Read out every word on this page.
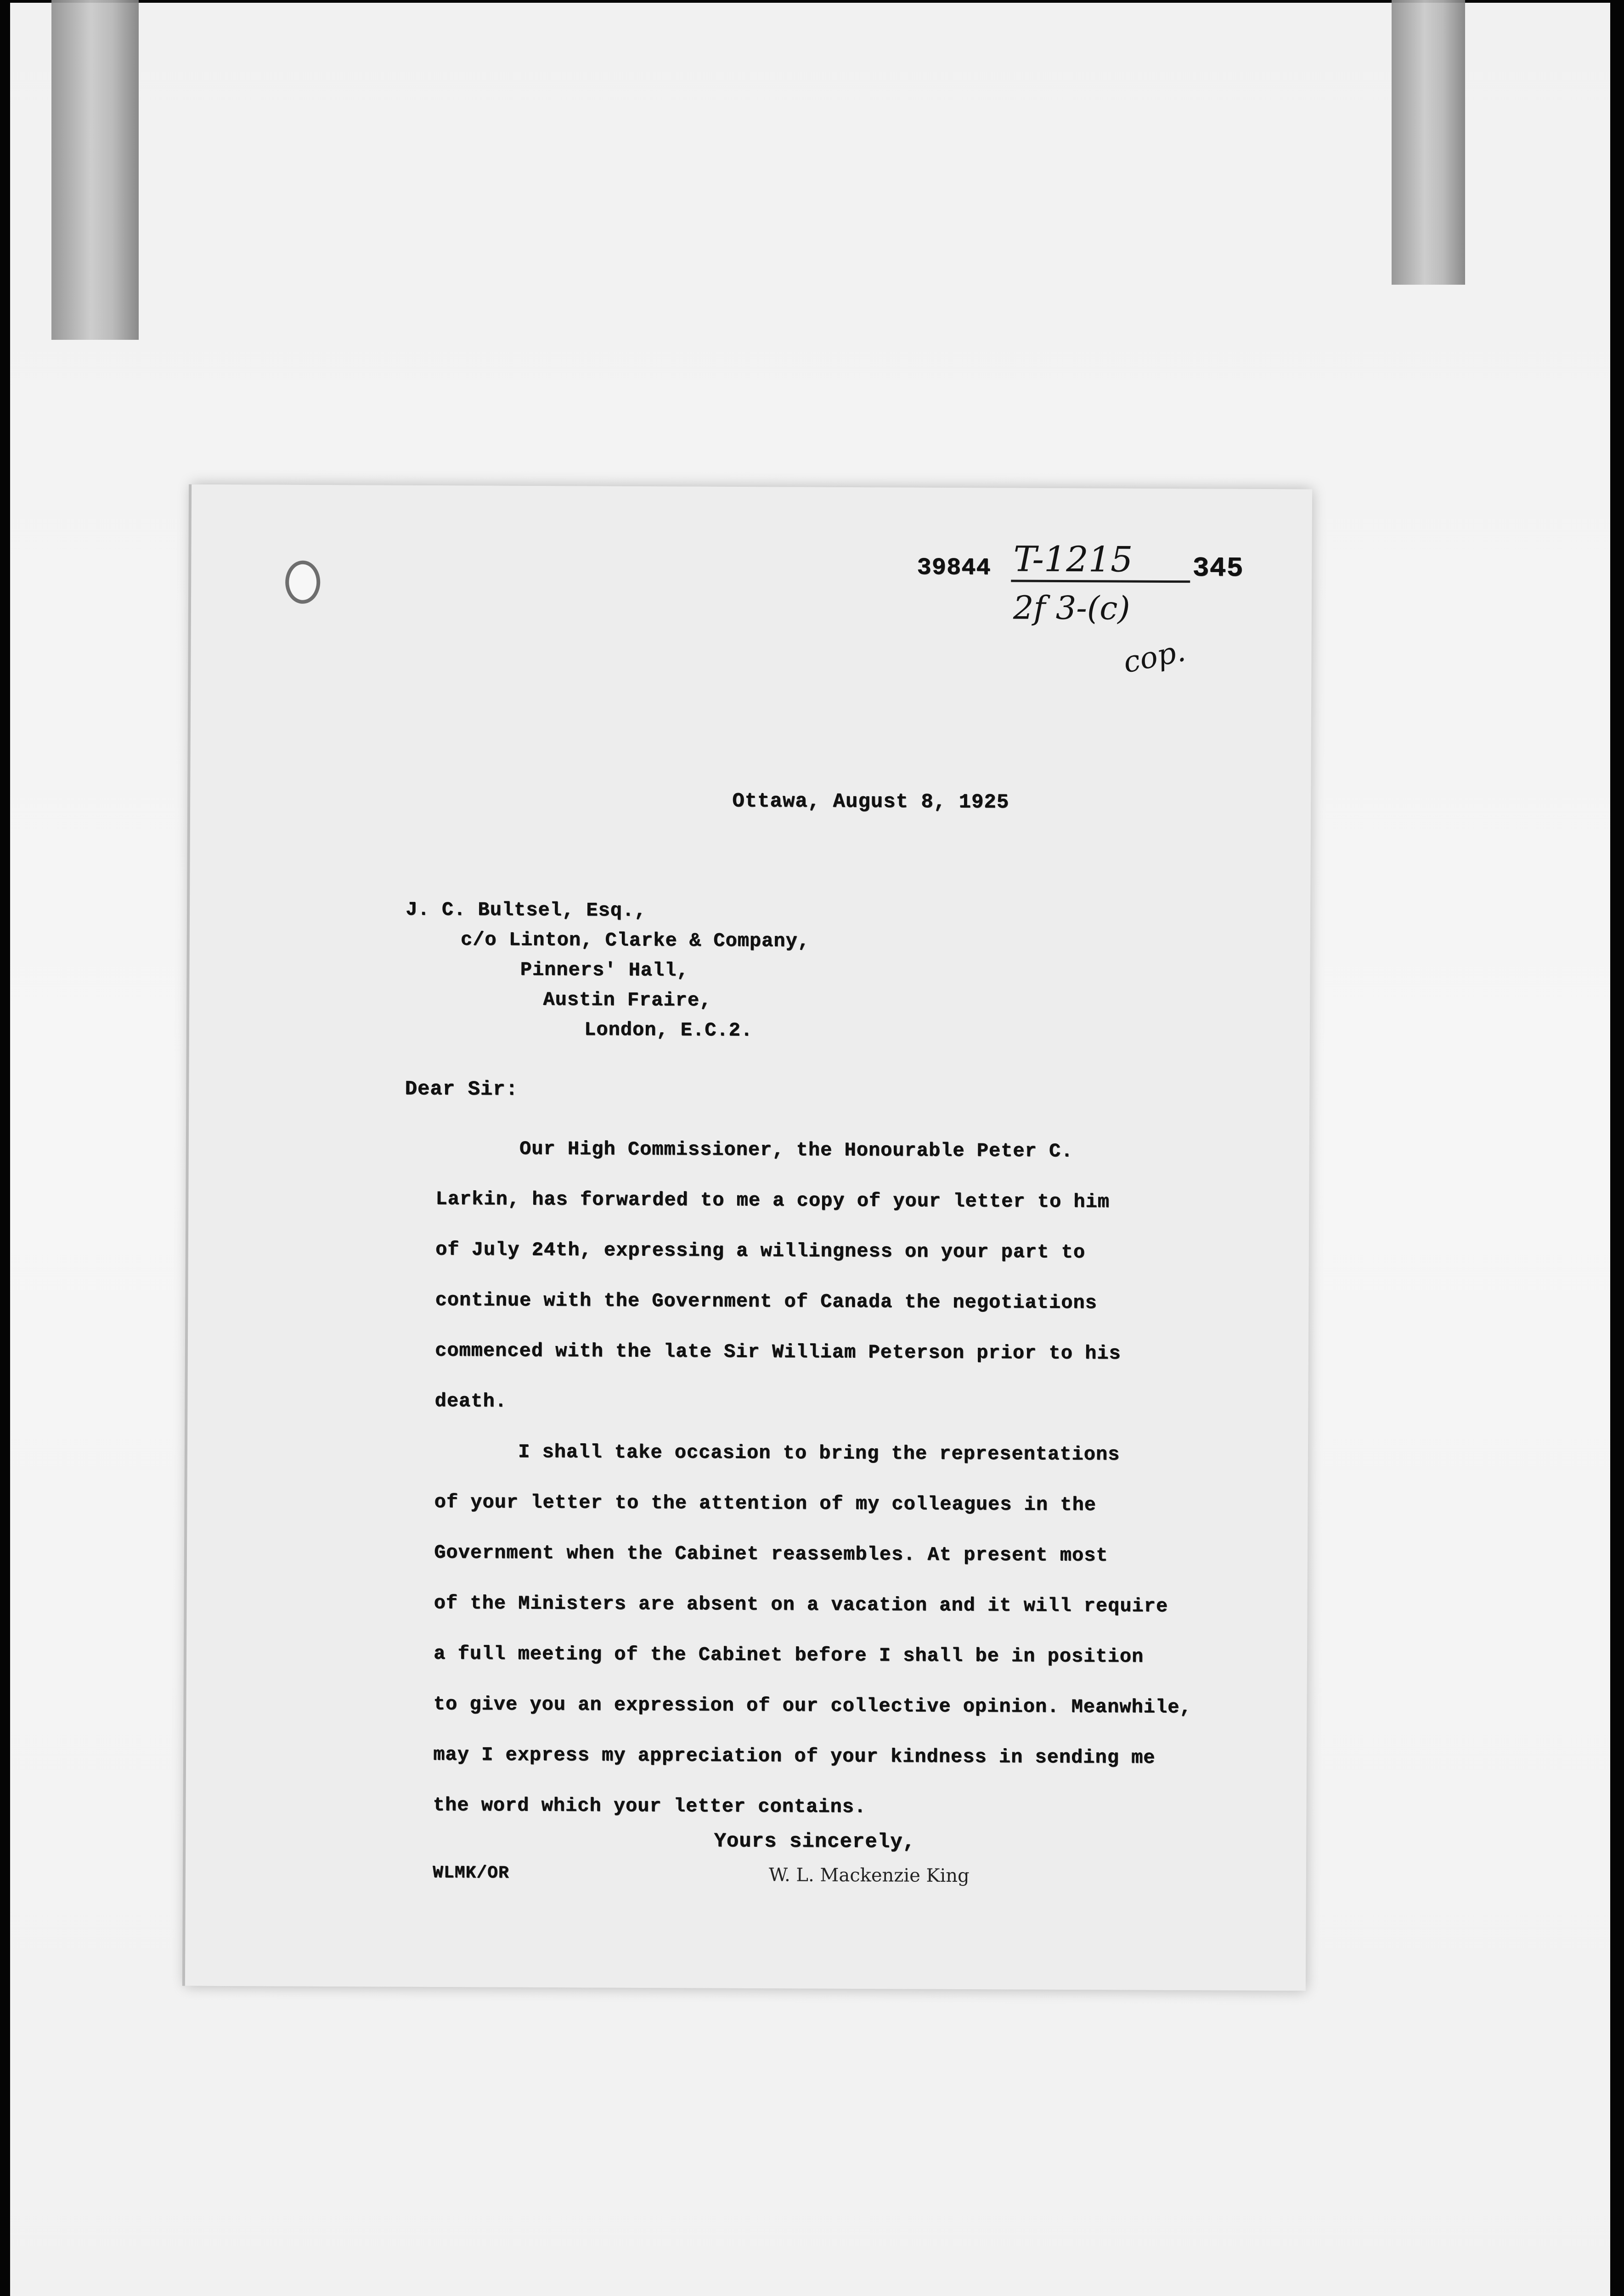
39844 T-1215
2f 3-(c)
cop.
345
Ottawa, August 8, 1925
J. C. Bultsel, Esq.,
c/o Linton, Clarke & Company,
Pinners' Hall,
Austin Fraire,
London, E.C.2.
Dear Sir:
Our High Commissioner, the Honourable Peter C.
Larkin, has forwarded to me a copy of your letter to him
of July 24th, expressing a willingness on your part to
continue with the Government of Canada the negotiations
commenced with the late Sir William Peterson prior to his
death.
I shall take occasion to bring the representations
of your letter to the attention of my colleagues in the
Government when the Cabinet reassembles. At present most
of the Ministers are absent on a vacation and it will require
a full meeting of the Cabinet before I shall be in position
to give you an expression of our collective opinion. Meanwhile,
may I express my appreciation of your kindness in sending me
the word which your letter contains.
Yours sincerely,
WLMK/OR	W. L. Mackenzie King
